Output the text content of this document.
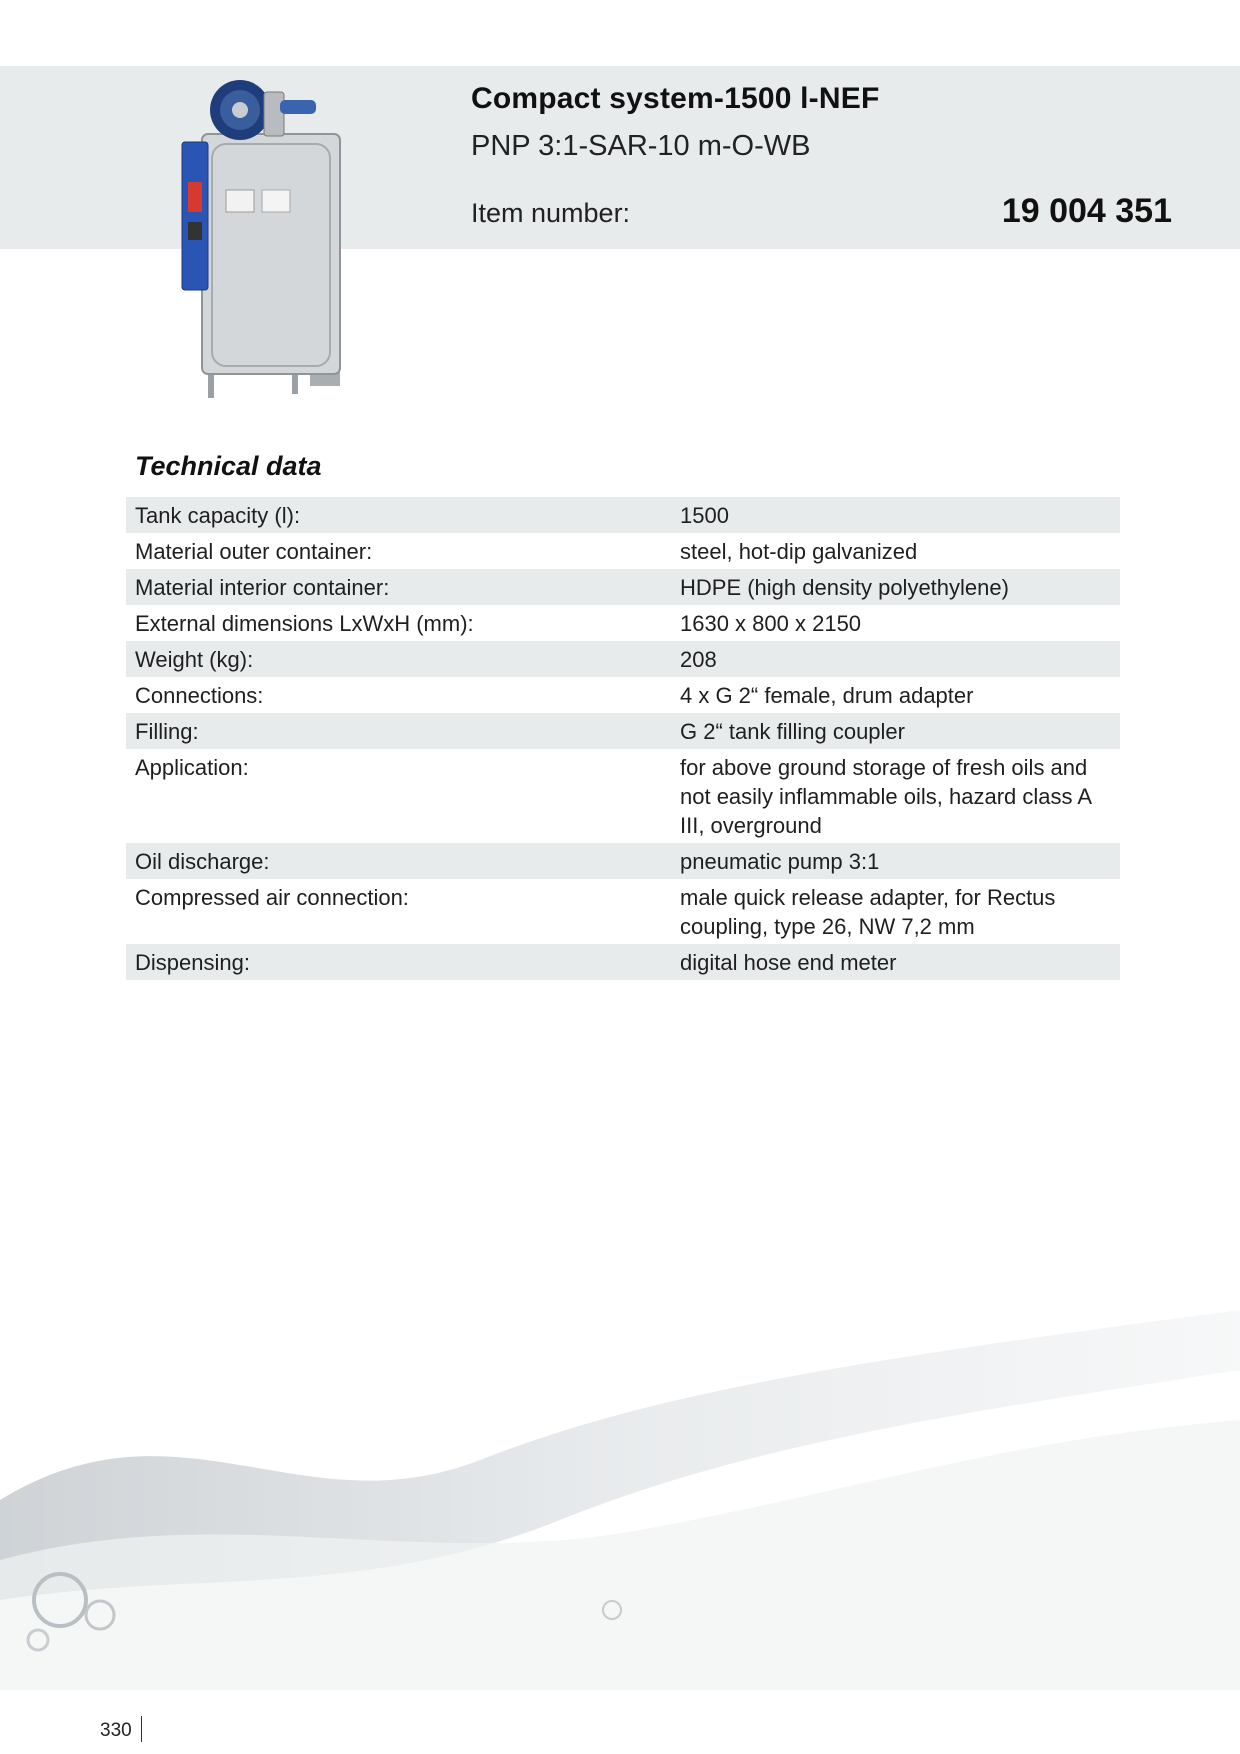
Compact system-1500 l-NEF
PNP 3:1-SAR-10 m-O-WB
Item number:	19 004 351
Technical data
Tank capacity (l):	1500
Material outer container:	steel, hot-dip galvanized
Material interior container:	HDPE (high density polyethylene)
External dimensions LxWxH (mm):	1630 x 800 x 2150
Weight (kg):	208
Connections:	4 x G 2“ female, drum adapter
Filling:	G 2“ tank filling coupler
Application:	for above ground storage of fresh oils and not easily inflammable oils, hazard class A III, overground
Oil discharge:	pneumatic pump 3:1
Compressed air connection:	male quick release adapter, for Rectus coupling, type 26, NW 7,2 mm
Dispensing:	digital hose end meter
330
